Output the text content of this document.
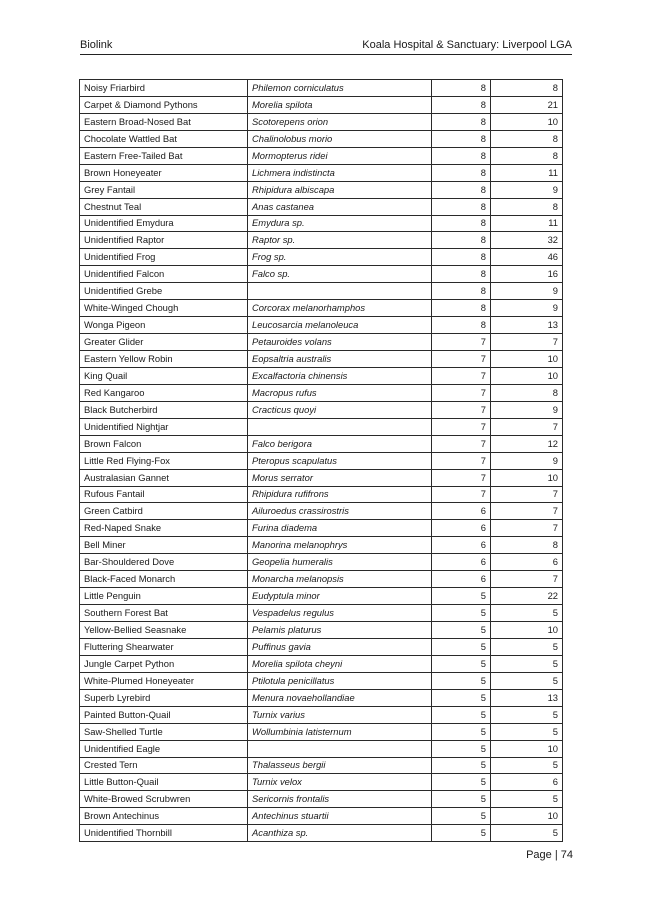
Biolink	Koala Hospital & Sanctuary: Liverpool LGA
Noisy Friarbird	Philemon corniculatus	8	8
Carpet & Diamond Pythons	Morelia spilota	8	21
Eastern Broad-Nosed Bat	Scotorepens orion	8	10
Chocolate Wattled Bat	Chalinolobus morio	8	8
Eastern Free-Tailed Bat	Mormopterus ridei	8	8
Brown Honeyeater	Lichmera indistincta	8	11
Grey Fantail	Rhipidura albiscapa	8	9
Chestnut Teal	Anas castanea	8	8
Unidentified Emydura	Emydura sp.	8	11
Unidentified Raptor	Raptor sp.	8	32
Unidentified Frog	Frog sp.	8	46
Unidentified Falcon	Falco sp.	8	16
Unidentified Grebe		8	9
White-Winged Chough	Corcorax melanorhamphos	8	9
Wonga Pigeon	Leucosarcia melanoleuca	8	13
Greater Glider	Petauroides volans	7	7
Eastern Yellow Robin	Eopsaltria australis	7	10
King Quail	Excalfactoria chinensis	7	10
Red Kangaroo	Macropus rufus	7	8
Black Butcherbird	Cracticus quoyi	7	9
Unidentified Nightjar		7	7
Brown Falcon	Falco berigora	7	12
Little Red Flying-Fox	Pteropus scapulatus	7	9
Australasian Gannet	Morus serrator	7	10
Rufous Fantail	Rhipidura rufifrons	7	7
Green Catbird	Ailuroedus crassirostris	6	7
Red-Naped Snake	Furina diadema	6	7
Bell Miner	Manorina melanophrys	6	8
Bar-Shouldered Dove	Geopelia humeralis	6	6
Black-Faced Monarch	Monarcha melanopsis	6	7
Little Penguin	Eudyptula minor	5	22
Southern Forest Bat	Vespadelus regulus	5	5
Yellow-Bellied Seasnake	Pelamis platurus	5	10
Fluttering Shearwater	Puffinus gavia	5	5
Jungle Carpet Python	Morelia spilota cheyni	5	5
White-Plumed Honeyeater	Ptilotula penicillatus	5	5
Superb Lyrebird	Menura novaehollandiae	5	13
Painted Button-Quail	Turnix varius	5	5
Saw-Shelled Turtle	Wollumbinia latisternum	5	5
Unidentified Eagle		5	10
Crested Tern	Thalasseus bergii	5	5
Little Button-Quail	Turnix velox	5	6
White-Browed Scrubwren	Sericornis frontalis	5	5
Brown Antechinus	Antechinus stuartii	5	10
Unidentified Thornbill	Acanthiza sp.	5	5
Page | 74
